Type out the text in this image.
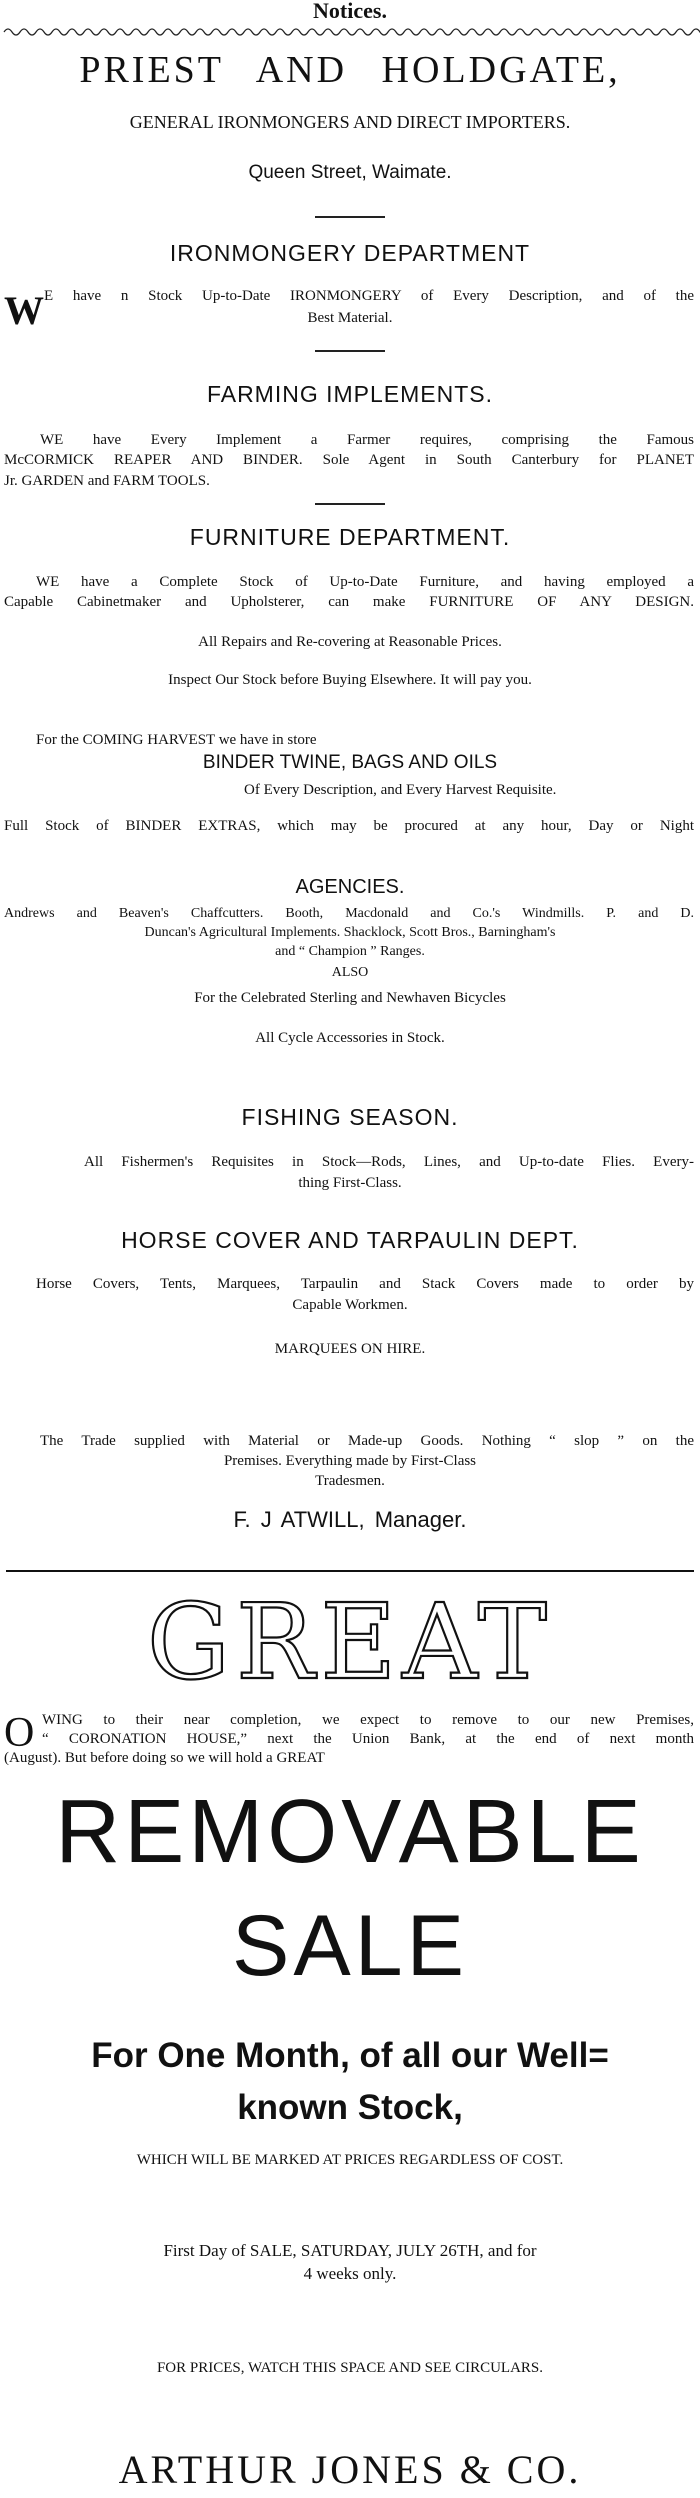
Notices.
PRIEST AND HOLDGATE,
GENERAL IRONMONGERS AND DIRECT IMPORTERS.
Queen Street, Waimate.
IRONMONGERY DEPARTMENT
W E have n Stock Up-to-Date IRONMONGERY of Every Description, and of the
Best Material.
FARMING IMPLEMENTS.
WE have Every Implement a Farmer requires, comprising the Famous
McCORMICK REAPER AND BINDER. Sole Agent in South Canterbury for PLANET
Jr. GARDEN and FARM TOOLS.
FURNITURE DEPARTMENT.
WE have a Complete Stock of Up-to-Date Furniture, and having employed a
Capable Cabinetmaker and Upholsterer, can make FURNITURE OF ANY DESIGN.
All Repairs and Re-covering at Reasonable Prices.
Inspect Our Stock before Buying Elsewhere. It will pay you.
For the COMING HARVEST we have in store
BINDER TWINE, BAGS AND OILS
Of Every Description, and Every Harvest Requisite.
Full Stock of BINDER EXTRAS, which may be procured at any hour, Day or Night
AGENCIES.
Andrews and Beaven's Chaffcutters. Booth, Macdonald and Co.'s Windmills. P. and D.
Duncan's Agricultural Implements. Shacklock, Scott Bros., Barningham's
and “ Champion ” Ranges.
ALSO
For the Celebrated Sterling and Newhaven Bicycles
All Cycle Accessories in Stock.
FISHING SEASON.
All Fishermen's Requisites in Stock—Rods, Lines, and Up-to-date Flies. Every-
thing First-Class.
HORSE COVER AND TARPAULIN DEPT.
Horse Covers, Tents, Marquees, Tarpaulin and Stack Covers made to order by
Capable Workmen.
MARQUEES ON HIRE.
The Trade supplied with Material or Made-up Goods. Nothing “ slop ” on the
Premises. Everything made by First-Class
Tradesmen.
F. J ATWILL, Manager.
GREAT
O WING to their near completion, we expect to remove to our new Premises,
“ CORONATION HOUSE,” next the Union Bank, at the end of next month
(August). But before doing so we will hold a GREAT
REMOVABLE
SALE
For One Month, of all our Well=
known Stock,
WHICH WILL BE MARKED AT PRICES REGARDLESS OF COST.
First Day of SALE, SATURDAY, JULY 26TH, and for
4 weeks only.
FOR PRICES, WATCH THIS SPACE AND SEE CIRCULARS.
ARTHUR JONES & CO.
